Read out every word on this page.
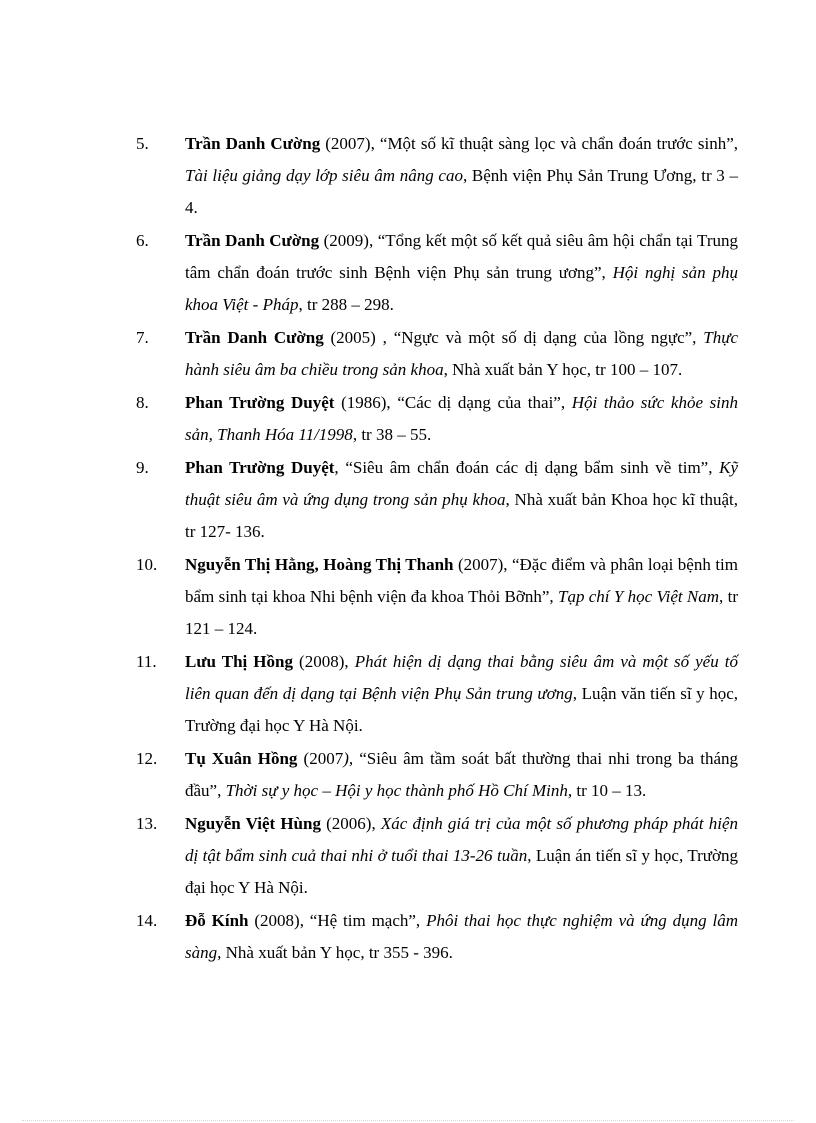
5. Trần Danh Cường (2007), “Một số kĩ thuật sàng lọc và chẩn đoán trước sinh”, Tài liệu giảng dạy lớp siêu âm nâng cao, Bệnh viện Phụ Sản Trung Ương, tr 3 – 4.
6. Trần Danh Cường (2009), “Tổng kết một số kết quả siêu âm hội chẩn tại Trung tâm chẩn đoán trước sinh Bệnh viện Phụ sản trung ương”, Hội nghị sản phụ khoa Việt - Pháp, tr 288 – 298.
7. Trần Danh Cường (2005) , “Ngực và một số dị dạng của lồng ngực”, Thực hành siêu âm ba chiều trong sản khoa, Nhà xuất bản Y học, tr 100 – 107.
8. Phan Trường Duyệt (1986), “Các dị dạng của thai”, Hội thảo sức khỏe sinh sản, Thanh Hóa 11/1998, tr 38 – 55.
9. Phan Trường Duyệt, “Siêu âm chẩn đoán các dị dạng bẩm sinh về tim”, Kỹ thuật siêu âm và ứng dụng trong sản phụ khoa, Nhà xuất bản Khoa học kĩ thuật, tr 127- 136.
10. Nguyễn Thị Hằng, Hoàng Thị Thanh (2007), “Đặc điểm và phân loại bệnh tim bẩm sinh tại khoa Nhi bệnh viện đa khoa Thỏi Bỡnh”, Tạp chí Y học Việt Nam, tr 121 – 124.
11. Lưu Thị Hồng (2008), Phát hiện dị dạng thai bằng siêu âm và một số yếu tố liên quan đến dị dạng tại Bệnh viện Phụ Sản trung ương, Luận văn tiến sĩ y học, Trường đại học Y Hà Nội.
12. Tụ Xuân Hồng (2007), “Siêu âm tầm soát bất thường thai nhi trong ba tháng đầu”, Thời sự y học – Hội y học thành phố Hồ Chí Minh, tr 10 – 13.
13. Nguyễn Việt Hùng (2006), Xác định giá trị của một số phương pháp phát hiện dị tật bẩm sinh cuả thai nhi ở tuổi thai 13-26 tuần, Luận án tiến sĩ y học, Trường đại học Y Hà Nội.
14. Đỗ Kính (2008), “Hệ tim mạch”, Phôi thai học thực nghiệm và ứng dụng lâm sàng, Nhà xuất bản Y học, tr 355 - 396.
